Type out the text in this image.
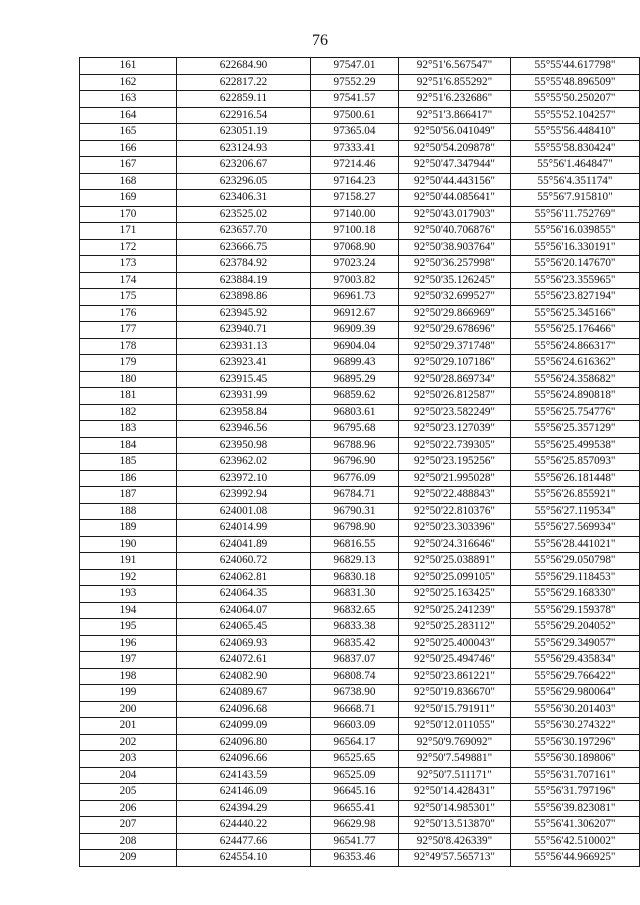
76
161	622684.90	97547.01	92°51'6.567547"	55°55'44.617798"
162	622817.22	97552.29	92°51'6.855292"	55°55'48.896509"
163	622859.11	97541.57	92°51'6.232686"	55°55'50.250207"
164	622916.54	97500.61	92°51'3.866417"	55°55'52.104257"
165	623051.19	97365.04	92°50'56.041049"	55°55'56.448410"
166	623124.93	97333.41	92°50'54.209878"	55°55'58.830424"
167	623206.67	97214.46	92°50'47.347944"	55°56'1.464847"
168	623296.05	97164.23	92°50'44.443156"	55°56'4.351174"
169	623406.31	97158.27	92°50'44.085641"	55°56'7.915810"
170	623525.02	97140.00	92°50'43.017903"	55°56'11.752769"
171	623657.70	97100.18	92°50'40.706876"	55°56'16.039855"
172	623666.75	97068.90	92°50'38.903764"	55°56'16.330191"
173	623784.92	97023.24	92°50'36.257998"	55°56'20.147670"
174	623884.19	97003.82	92°50'35.126245"	55°56'23.355965"
175	623898.86	96961.73	92°50'32.699527"	55°56'23.827194"
176	623945.92	96912.67	92°50'29.866969"	55°56'25.345166"
177	623940.71	96909.39	92°50'29.678696"	55°56'25.176466"
178	623931.13	96904.04	92°50'29.371748"	55°56'24.866317"
179	623923.41	96899.43	92°50'29.107186"	55°56'24.616362"
180	623915.45	96895.29	92°50'28.869734"	55°56'24.358682"
181	623931.99	96859.62	92°50'26.812587"	55°56'24.890818"
182	623958.84	96803.61	92°50'23.582249"	55°56'25.754776"
183	623946.56	96795.68	92°50'23.127039"	55°56'25.357129"
184	623950.98	96788.96	92°50'22.739305"	55°56'25.499538"
185	623962.02	96796.90	92°50'23.195256"	55°56'25.857093"
186	623972.10	96776.09	92°50'21.995028"	55°56'26.181448"
187	623992.94	96784.71	92°50'22.488843"	55°56'26.855921"
188	624001.08	96790.31	92°50'22.810376"	55°56'27.119534"
189	624014.99	96798.90	92°50'23.303396"	55°56'27.569934"
190	624041.89	96816.55	92°50'24.316646"	55°56'28.441021"
191	624060.72	96829.13	92°50'25.038891"	55°56'29.050798"
192	624062.81	96830.18	92°50'25.099105"	55°56'29.118453"
193	624064.35	96831.30	92°50'25.163425"	55°56'29.168330"
194	624064.07	96832.65	92°50'25.241239"	55°56'29.159378"
195	624065.45	96833.38	92°50'25.283112"	55°56'29.204052"
196	624069.93	96835.42	92°50'25.400043"	55°56'29.349057"
197	624072.61	96837.07	92°50'25.494746"	55°56'29.435834"
198	624082.90	96808.74	92°50'23.861221"	55°56'29.766422"
199	624089.67	96738.90	92°50'19.836670"	55°56'29.980064"
200	624096.68	96668.71	92°50'15.791911"	55°56'30.201403"
201	624099.09	96603.09	92°50'12.011055"	55°56'30.274322"
202	624096.80	96564.17	92°50'9.769092"	55°56'30.197296"
203	624096.66	96525.65	92°50'7.549881"	55°56'30.189806"
204	624143.59	96525.09	92°50'7.511171"	55°56'31.707161"
205	624146.09	96645.16	92°50'14.428431"	55°56'31.797196"
206	624394.29	96655.41	92°50'14.985301"	55°56'39.823081"
207	624440.22	96629.98	92°50'13.513870"	55°56'41.306207"
208	624477.66	96541.77	92°50'8.426339"	55°56'42.510002"
209	624554.10	96353.46	92°49'57.565713"	55°56'44.966925"
